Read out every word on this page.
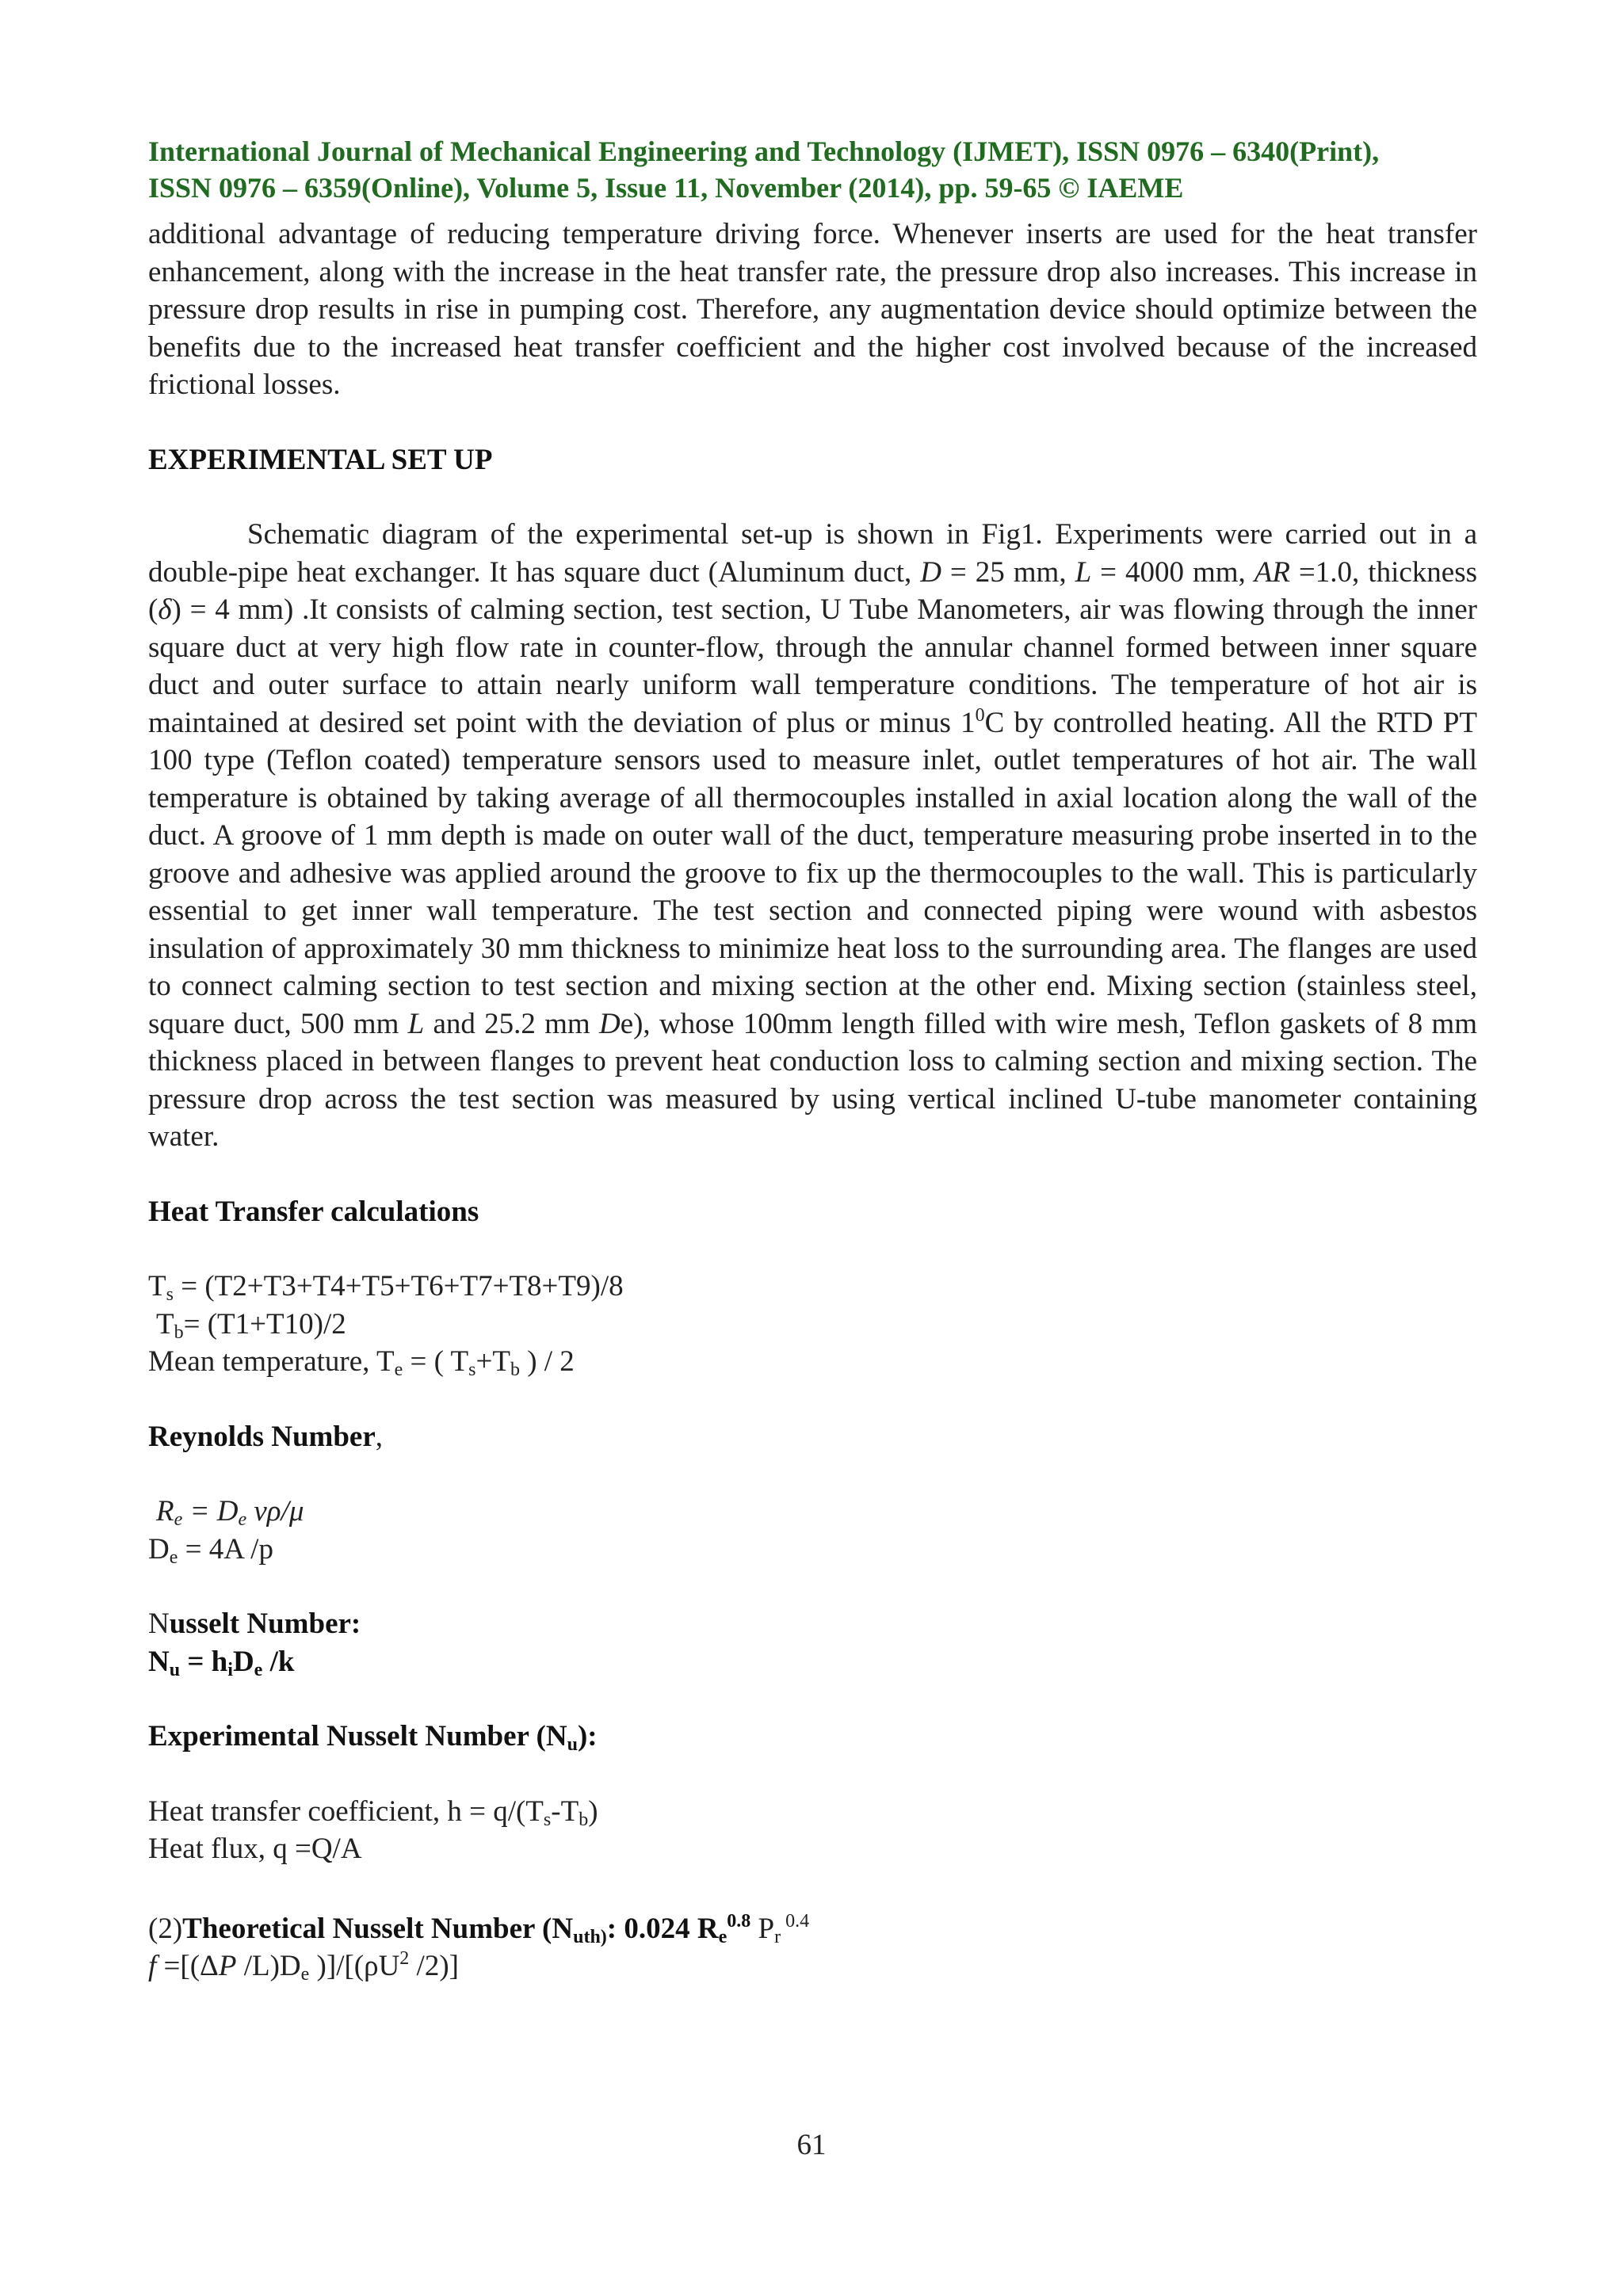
International Journal of Mechanical Engineering and Technology (IJMET), ISSN 0976 – 6340(Print),
ISSN 0976 – 6359(Online), Volume 5, Issue 11, November (2014), pp. 59-65 © IAEME

additional advantage of reducing temperature driving force. Whenever inserts are used for the heat transfer enhancement, along with the increase in the heat transfer rate, the pressure drop also increases. This increase in pressure drop results in rise in pumping cost. Therefore, any augmentation device should optimize between the benefits due to the increased heat transfer coefficient and the higher cost involved because of the increased frictional losses.

EXPERIMENTAL SET UP

Schematic diagram of the experimental set-up is shown in Fig1. Experiments were carried out in a double-pipe heat exchanger. It has square duct (Aluminum duct, D = 25 mm, L = 4000 mm, AR =1.0, thickness (δ) = 4 mm) .It consists of calming section, test section, U Tube Manometers, air was flowing through the inner square duct at very high flow rate in counter-flow, through the annular channel formed between inner square duct and outer surface to attain nearly uniform wall temperature conditions. The temperature of hot air is maintained at desired set point with the deviation of plus or minus $1^0C$ by controlled heating. All the RTD PT 100 type (Teflon coated) temperature sensors used to measure inlet, outlet temperatures of hot air. The wall temperature is obtained by taking average of all thermocouples installed in axial location along the wall of the duct. A groove of 1 mm depth is made on outer wall of the duct, temperature measuring probe inserted in to the groove and adhesive was applied around the groove to fix up the thermocouples to the wall. This is particularly essential to get inner wall temperature. The test section and connected piping were wound with asbestos insulation of approximately 30 mm thickness to minimize heat loss to the surrounding area. The flanges are used to connect calming section to test section and mixing section at the other end. Mixing section (stainless steel, square duct, 500 mm L and 25.2 mm De), whose 100mm length filled with wire mesh, Teflon gaskets of 8 mm thickness placed in between flanges to prevent heat conduction loss to calming section and mixing section. The pressure drop across the test section was measured by using vertical inclined U-tube manometer containing water.

Heat Transfer calculations
$T_s = (T2+T3+T4+T5+T6+T7+T8+T9)/8$
$T_b= (T1+T10)/2$
Mean temperature, $T_e$ = ( $T_s+T_b$ ) / 2
Reynolds Number,
$R_e = D_e$ vρ/μ
$D_e = 4A$ /p
Nusselt Number:
$N_u = h_iD_e$ /k
Experimental Nusselt Number $(N_u)$:
Heat transfer coefficient, $h = q/(T_s-T_b)$
Heat flux, q =Q/A
(2)Theoretical Nusselt Number ($N_{uth)}$: 0.024 $R_e^{0.8}$ $P_r$ $^{0.4}$
f =[(ΔP $/L)D_e$ )]$/[(\rho U^2$ /2)]
61
